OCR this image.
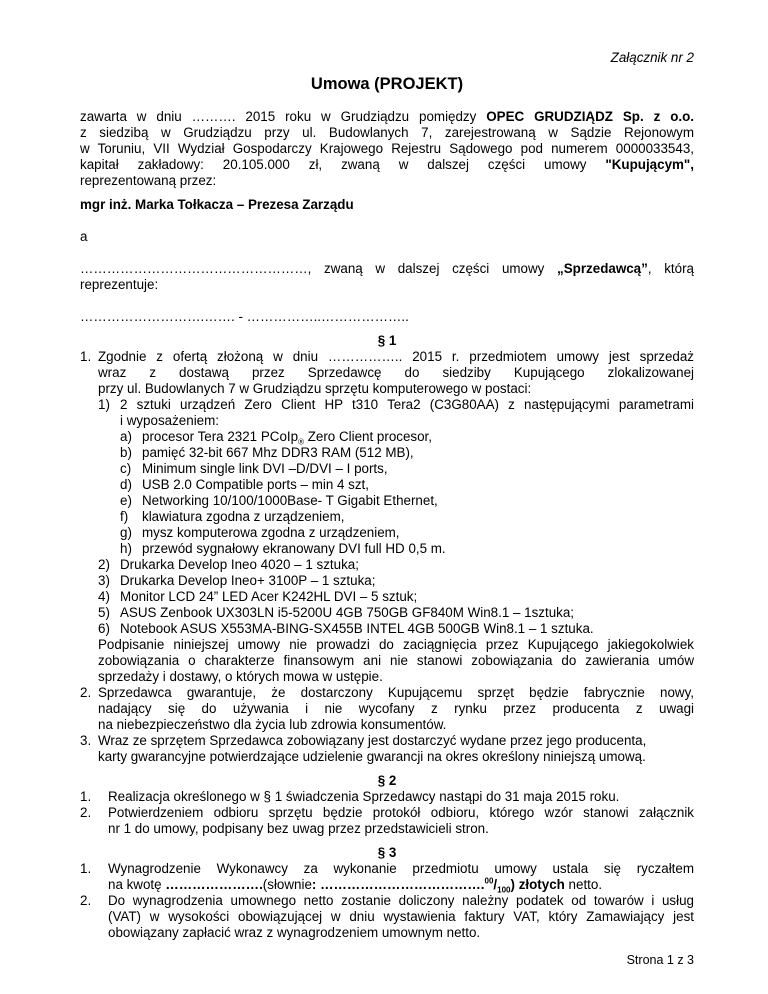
Załącznik nr 2
Umowa (PROJEKT)
zawarta w dniu ………. 2015 roku w Grudziądzu pomiędzy OPEC GRUDZIĄDZ Sp. z o.o.
z siedzibą w Grudziądzu przy ul. Budowlanych 7, zarejestrowaną w Sądzie Rejonowym
w Toruniu, VII Wydział Gospodarczy Krajowego Rejestru Sądowego pod numerem 0000033543,
kapitał zakładowy: 20.105.000 zł, zwaną w dalszej części umowy "Kupującym",
reprezentowaną przez:
mgr inż. Marka Tołkacza – Prezesa Zarządu
a
……………………………………………, zwaną w dalszej części umowy „Sprzedawcą”, którą
reprezentuje:
……………………….……. - ……………..………………..
§ 1
1. Zgodnie z ofertą złożoną w dniu …………….. 2015 r. przedmiotem umowy jest sprzedaż
wraz z dostawą przez Sprzedawcę do siedziby Kupującego zlokalizowanej
przy ul. Budowlanych 7 w Grudziądzu sprzętu komputerowego w postaci:
1) 2 sztuki urządzeń Zero Client HP t310 Tera2 (C3G80AA) z następującymi parametrami
i wyposażeniem:
a) procesor Tera 2321 PCoIp$_®$ Zero Client procesor,
b) pamięć 32-bit 667 Mhz DDR3 RAM (512 MB),
c) Minimum single link DVI –D/DVI – I ports,
d) USB 2.0 Compatible ports – min 4 szt,
e) Networking 10/100/1000Base- T Gigabit Ethernet,
f)	klawiatura zgodna z urządzeniem,
g) mysz komputerowa zgodna z urządzeniem,
h) przewód sygnałowy ekranowany DVI full HD 0,5 m.
2) Drukarka Develop Ineo 4020 – 1 sztuka;
3) Drukarka Develop Ineo+ 3100P – 1 sztuka;
4) Monitor LCD 24” LED Acer K242HL DVI – 5 sztuk;
5) ASUS Zenbook UX303LN i5-5200U 4GB 750GB GF840M Win8.1 – 1sztuka;
6) Notebook ASUS X553MA-BING-SX455B INTEL 4GB 500GB Win8.1 – 1 sztuka.
Podpisanie niniejszej umowy nie prowadzi do zaciągnięcia przez Kupującego jakiegokolwiek
zobowiązania o charakterze finansowym ani nie stanowi zobowiązania do zawierania umów
sprzedaży i dostawy, o których mowa w ustępie.
2. Sprzedawca gwarantuje, że dostarczony Kupującemu sprzęt będzie fabrycznie nowy,
nadający się do używania i nie wycofany z rynku przez producenta z uwagi
na niebezpieczeństwo dla życia lub zdrowia konsumentów.
3. Wraz ze sprzętem Sprzedawca zobowiązany jest dostarczyć wydane przez jego producenta,
karty gwarancyjne potwierdzające udzielenie gwarancji na okres określony niniejszą umową.
§ 2
1.	Realizacja określonego w § 1 świadczenia Sprzedawcy nastąpi do 31 maja 2015 roku.
2.	Potwierdzeniem odbioru sprzętu będzie protokół odbioru, którego wzór stanowi załącznik
nr 1 do umowy, podpisany bez uwag przez przedstawicieli stron.
§ 3
1.	Wynagrodzenie Wykonawcy za wykonanie przedmiotu umowy ustala się ryczałtem
na kwotę ………………….(słownie: $\dots\dots\dots\dots\dots\dots\dots\dots\dots\dots\dots\dots.^{00}/_{100}$) złotych netto.
2.	Do wynagrodzenia umownego netto zostanie doliczony należny podatek od towarów i usług
(VAT) w wysokości obowiązującej w dniu wystawienia faktury VAT, który Zamawiający jest
obowiązany zapłacić wraz z wynagrodzeniem umownym netto.
Strona 1 z 3
